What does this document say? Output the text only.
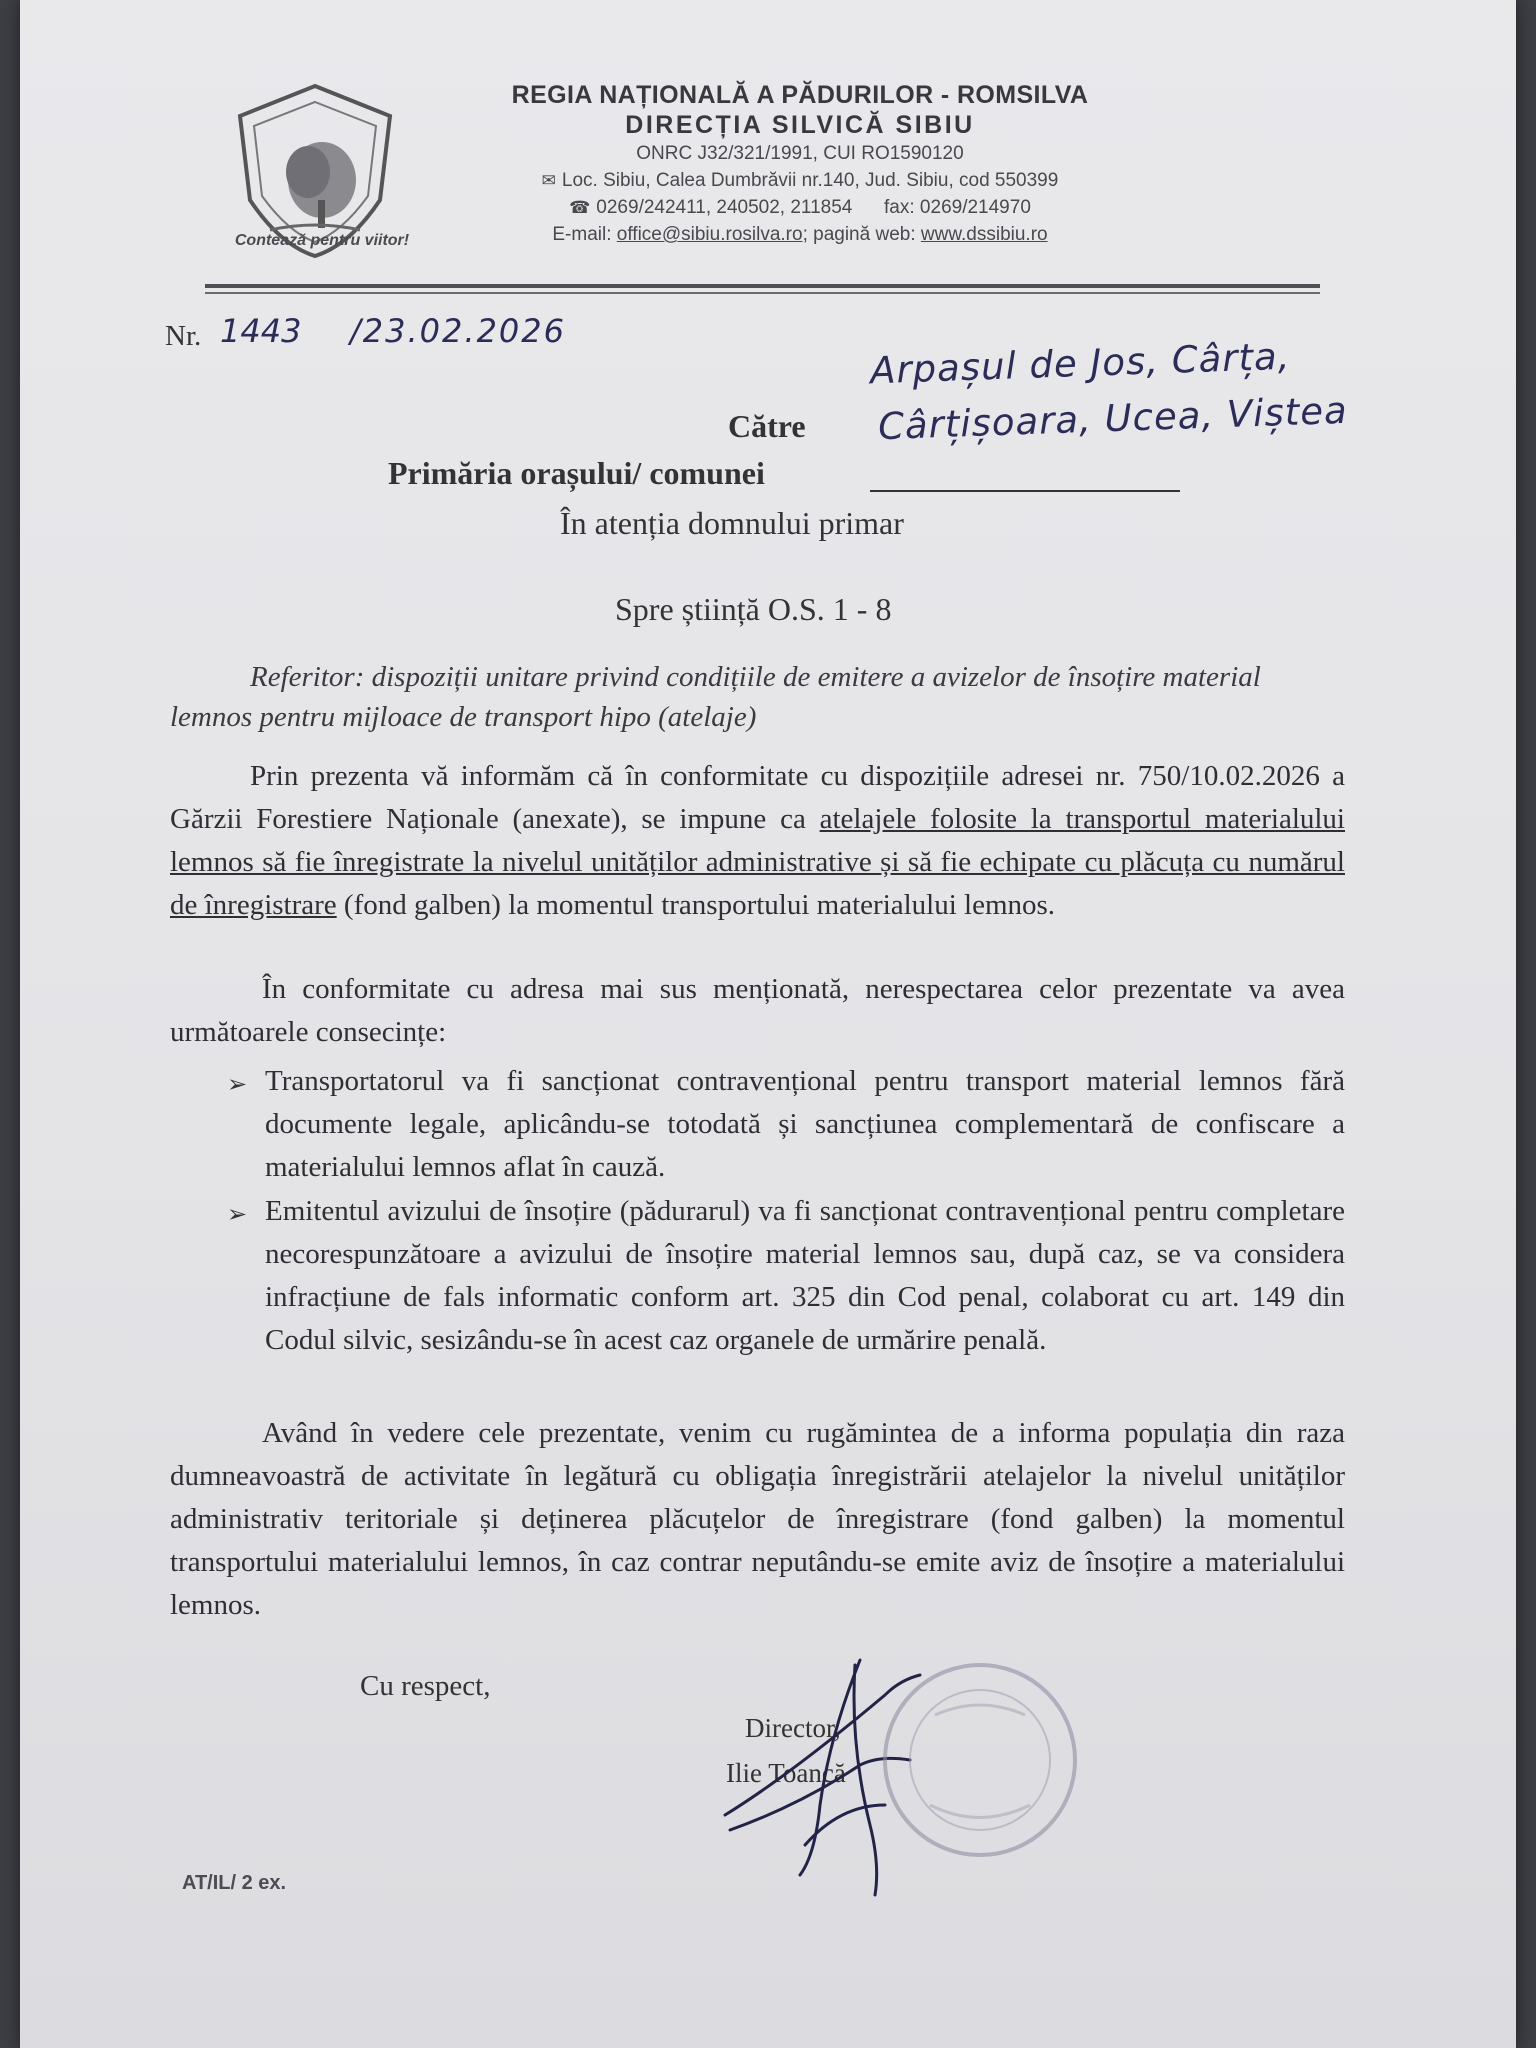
Contează pentru viitor!

REGIA NAȚIONALĂ A PĂDURILOR - ROMSILVA

DIRECȚIA SILVICĂ SIBIU

ONRC J32/321/1991, CUI RO1590120

✉ Loc. Sibiu, Calea Dumbrăvii nr.140, Jud. Sibiu, cod 550399

☎ 0269/242411, 240502, 211854 fax: 0269/214970

E-mail: office@sibiu.rosilva.ro; pagină web: www.dssibiu.ro

Nr. 1443 /23.02.2026
Arpașul de Jos, Cârța,
Cârțișoara, Ucea, Viștea
Către
Primăria orașului/ comunei
În atenția domnului primar
Spre știință O.S. 1 - 8
Referitor: dispoziții unitare privind condițiile de emitere a avizelor de însoțire material lemnos pentru mijloace de transport hipo (atelaje)
Prin prezenta vă informăm că în conformitate cu dispozițiile adresei nr. 750/10.02.2026 a Gărzii Forestiere Naționale (anexate), se impune ca atelajele folosite la transportul materialului lemnos să fie înregistrate la nivelul unităților administrative și să fie echipate cu plăcuța cu numărul de înregistrare (fond galben) la momentul transportului materialului lemnos.
În conformitate cu adresa mai sus menționată, nerespectarea celor prezentate va avea următoarele consecințe:
➢ Transportatorul va fi sancționat contravențional pentru transport material lemnos fără documente legale, aplicându-se totodată și sancțiunea complementară de confiscare a materialului lemnos aflat în cauză.
➢ Emitentul avizului de însoțire (pădurarul) va fi sancționat contravențional pentru completare necorespunzătoare a avizului de însoțire material lemnos sau, după caz, se va considera infracțiune de fals informatic conform art. 325 din Cod penal, colaborat cu art. 149 din Codul silvic, sesizându-se în acest caz organele de urmărire penală.
Având în vedere cele prezentate, venim cu rugămintea de a informa populația din raza dumneavoastră de activitate în legătură cu obligația înregistrării atelajelor la nivelul unităților administrativ teritoriale și deținerea plăcuțelor de înregistrare (fond galben) la momentul transportului materialului lemnos, în caz contrar neputându-se emite aviz de însoțire a materialului lemnos.
Cu respect,
Director,
Ilie Toancă
AT/IL/ 2 ex.
